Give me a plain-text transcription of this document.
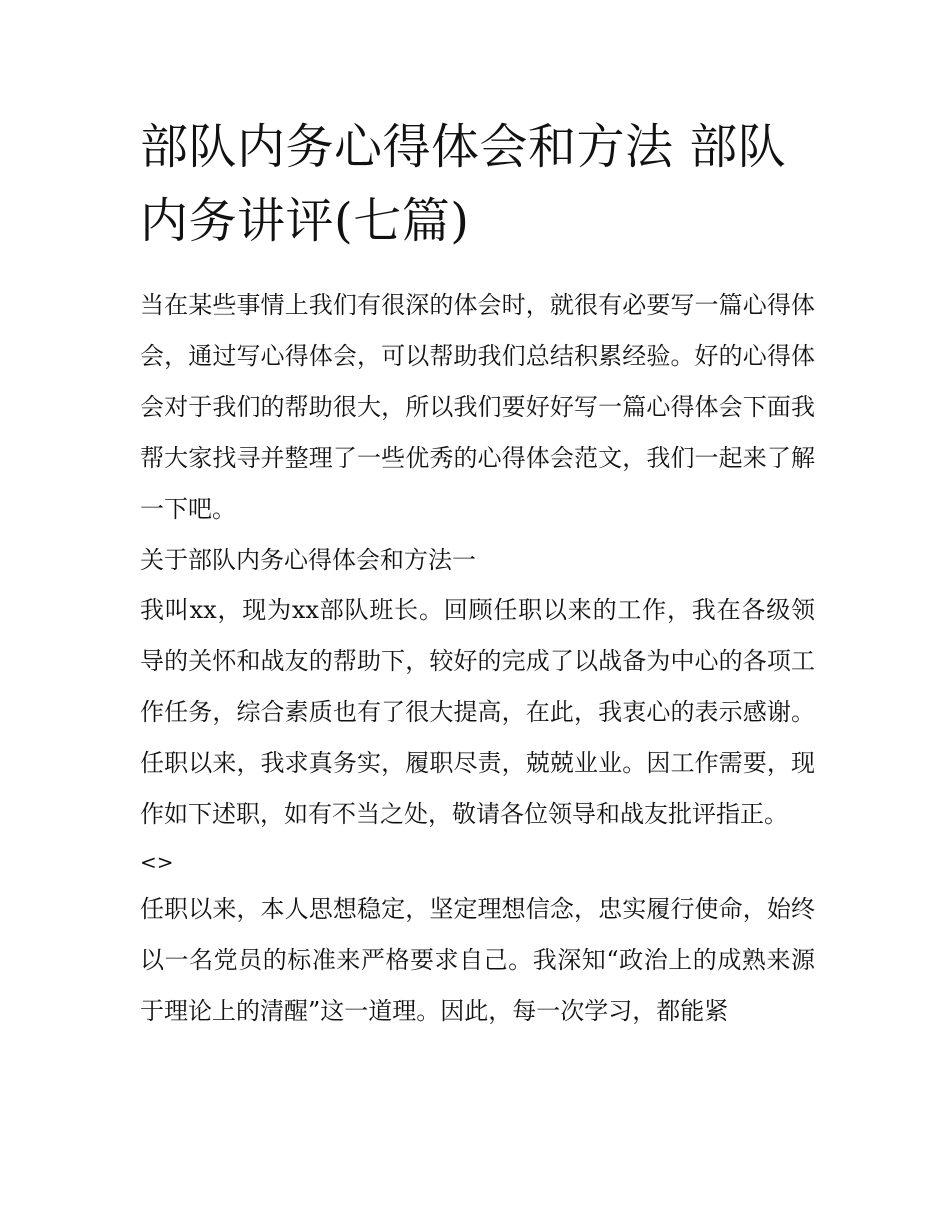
部队内务心得体会和方法 部队内务讲评(七篇)

当在某些事情上我们有很深的体会时，就很有必要写一篇心得体会，通过写心得体会，可以帮助我们总结积累经验。好的心得体会对于我们的帮助很大，所以我们要好好写一篇心得体会下面我帮大家找寻并整理了一些优秀的心得体会范文，我们一起来了解一下吧。

关于部队内务心得体会和方法一

我叫xx，现为xx部队班长。回顾任职以来的工作，我在各级领导的关怀和战友的帮助下，较好的完成了以战备为中心的各项工作任务，综合素质也有了很大提高，在此，我衷心的表示感谢。任职以来，我求真务实，履职尽责，兢兢业业。因工作需要，现作如下述职，如有不当之处，敬请各位领导和战友批评指正。

<>

任职以来，本人思想稳定，坚定理想信念，忠实履行使命，始终以一名党员的标准来严格要求自己。我深知“政治上的成熟来源于理论上的清醒”这一道理。因此，每一次学习，都能紧
